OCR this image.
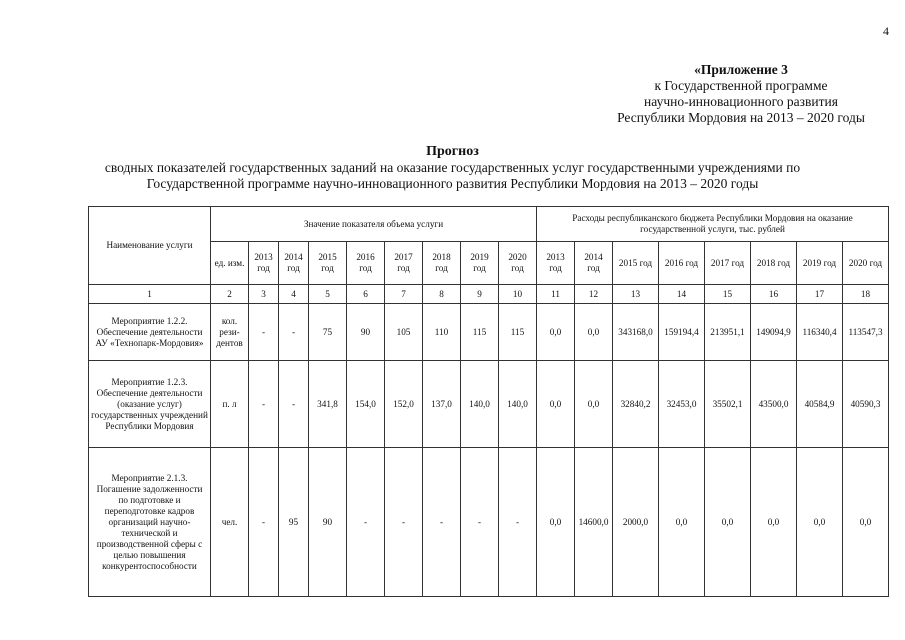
4
«Приложение 3
к Государственной программе
научно-инновационного развития
Республики Мордовия на 2013 – 2020 годы
Прогноз
сводных показателей государственных заданий на оказание государственных услуг государственными учреждениями по
Государственной программе научно-инновационного развития Республики Мордовия на 2013 – 2020 годы
Наименование услуги	Значение показателя объема услуги									Расходы республиканского бюджета Республики Мордовия на оказание государственной услуги, тыс. рублей							
	ед. изм.	2013 год	2014 год	2015 год	2016 год	2017 год	2018 год	2019 год	2020 год	2013 год	2014 год	2015 год	2016 год	2017 год	2018 год	2019 год	2020 год
1	2	3	4	5	6	7	8	9	10	11	12	13	14	15	16	17	18
Мероприятие 1.2.2. Обеспечение деятельности АУ «Технопарк-Мордовия»	кол. рези-дентов	-	-	75	90	105	110	115	115	0,0	0,0	343168,0	159194,4	213951,1	149094,9	116340,4	113547,3
Мероприятие 1.2.3. Обеспечение деятельности (оказание услуг) государственных учреждений Республики Мордовия	п. л	-	-	341,8	154,0	152,0	137,0	140,0	140,0	0,0	0,0	32840,2	32453,0	35502,1	43500,0	40584,9	40590,3
Мероприятие 2.1.3. Погашение задолженности по подготовке и переподготовке кадров организаций научно-технической и производственной сферы с целью повышения конкурентоспособности	чел.	-	95	90	-	-	-	-	-	0,0	14600,0	2000,0	0,0	0,0	0,0	0,0	0,0
